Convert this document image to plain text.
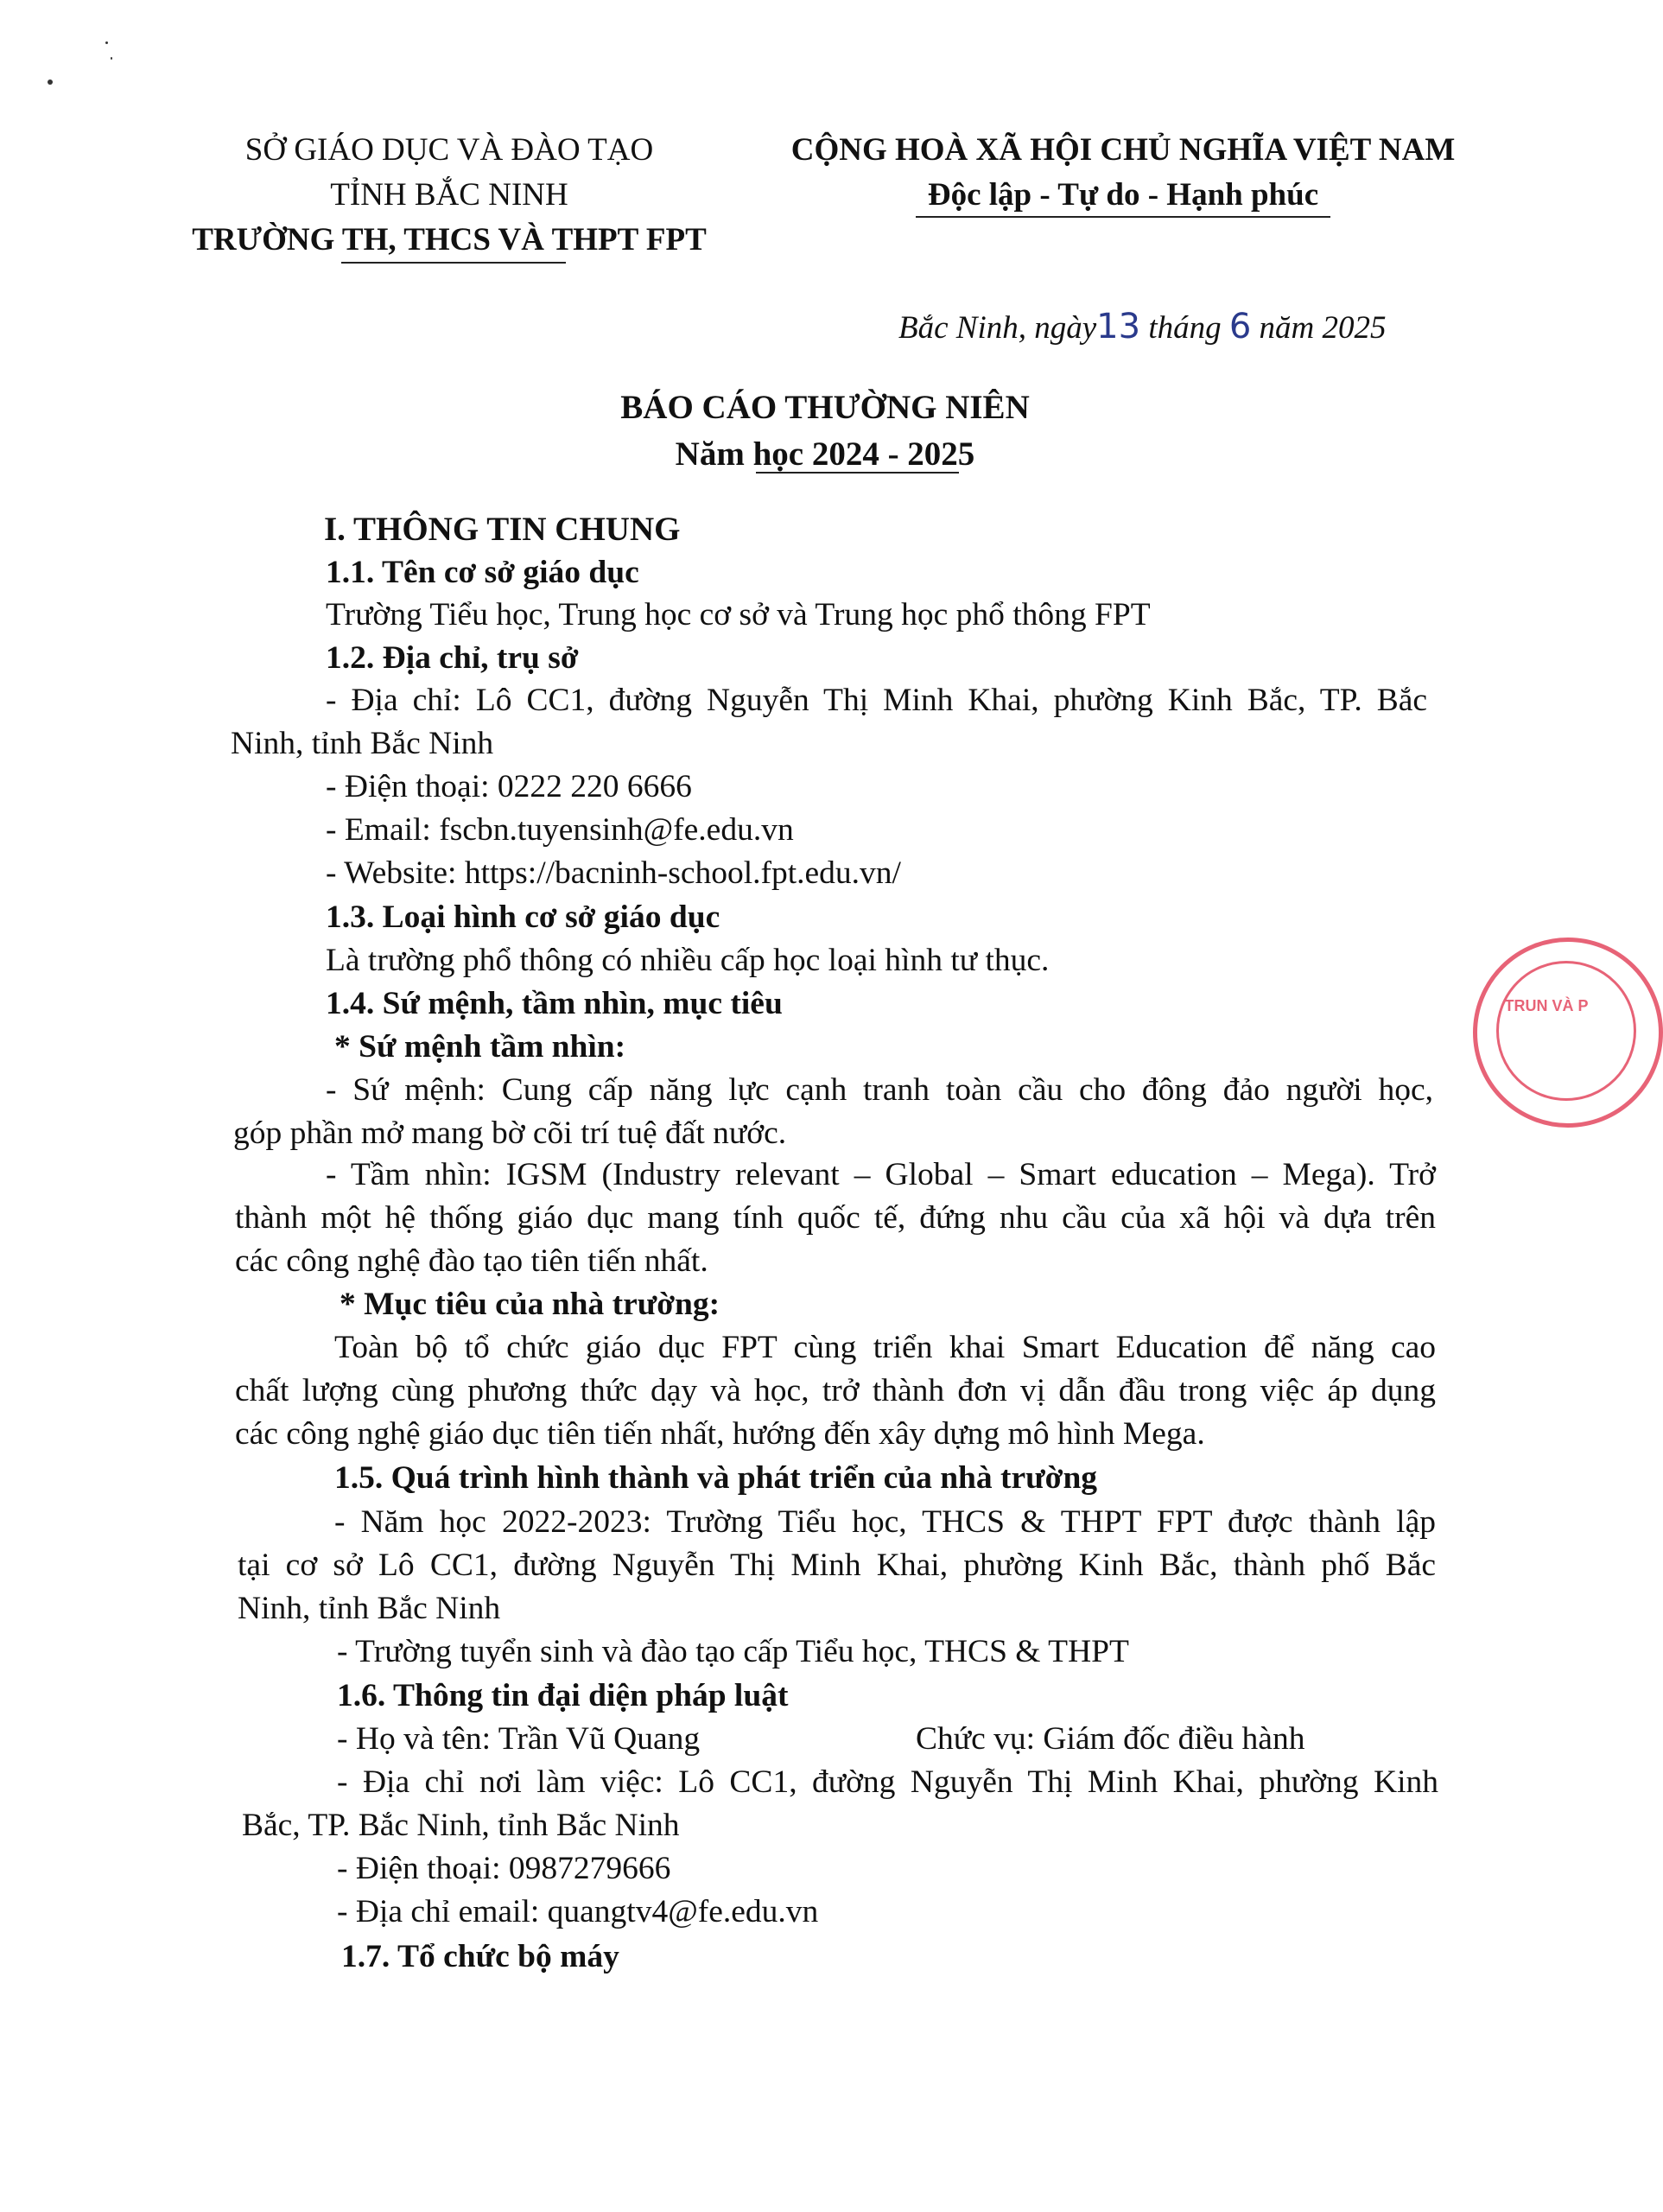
SỞ GIÁO DỤC VÀ ĐÀO TẠO
TỈNH BẮC NINH
TRƯỜNG TH, THCS VÀ THPT FPT
CỘNG HOÀ XÃ HỘI CHỦ NGHĨA VIỆT NAM
Độc lập - Tự do - Hạnh phúc
Bắc Ninh, ngày13 tháng 6 năm 2025
BÁO CÁO THƯỜNG NIÊN
Năm học 2024 - 2025
I. THÔNG TIN CHUNG
1.1. Tên cơ sở giáo dục
Trường Tiểu học, Trung học cơ sở và Trung học phổ thông FPT
1.2. Địa chỉ, trụ sở
- Địa chỉ: Lô CC1, đường Nguyễn Thị Minh Khai, phường Kinh Bắc, TP. Bắc
Ninh, tỉnh Bắc Ninh
- Điện thoại: 0222 220 6666
- Email: fscbn.tuyensinh@fe.edu.vn
- Website: https://bacninh-school.fpt.edu.vn/
1.3. Loại hình cơ sở giáo dục
Là trường phổ thông có nhiều cấp học loại hình tư thục.
1.4. Sứ mệnh, tầm nhìn, mục tiêu
* Sứ mệnh tầm nhìn:
- Sứ mệnh: Cung cấp năng lực cạnh tranh toàn cầu cho đông đảo người học,
góp phần mở mang bờ cõi trí tuệ đất nước.
- Tầm nhìn: IGSM (Industry relevant – Global – Smart education – Mega). Trở
thành một hệ thống giáo dục mang tính quốc tế, đứng nhu cầu của xã hội và dựa trên
các công nghệ đào tạo tiên tiến nhất.
* Mục tiêu của nhà trường:
Toàn bộ tổ chức giáo dục FPT cùng triển khai Smart Education để năng cao
chất lượng cùng phương thức dạy và học, trở thành đơn vị dẫn đầu trong việc áp dụng
các công nghệ giáo dục tiên tiến nhất, hướng đến xây dựng mô hình Mega.
1.5. Quá trình hình thành và phát triển của nhà trường
- Năm học 2022-2023: Trường Tiểu học, THCS & THPT FPT được thành lập
tại cơ sở Lô CC1, đường Nguyễn Thị Minh Khai, phường Kinh Bắc, thành phố Bắc
Ninh, tỉnh Bắc Ninh
- Trường tuyển sinh và đào tạo cấp Tiểu học, THCS & THPT
1.6. Thông tin đại diện pháp luật
- Họ và tên: Trần Vũ Quang	Chức vụ: Giám đốc điều hành
- Địa chỉ nơi làm việc: Lô CC1, đường Nguyễn Thị Minh Khai, phường Kinh
Bắc, TP. Bắc Ninh, tỉnh Bắc Ninh
- Điện thoại: 0987279666
- Địa chỉ email: quangtv4@fe.edu.vn
1.7. Tổ chức bộ máy
TRUN VÀ P
